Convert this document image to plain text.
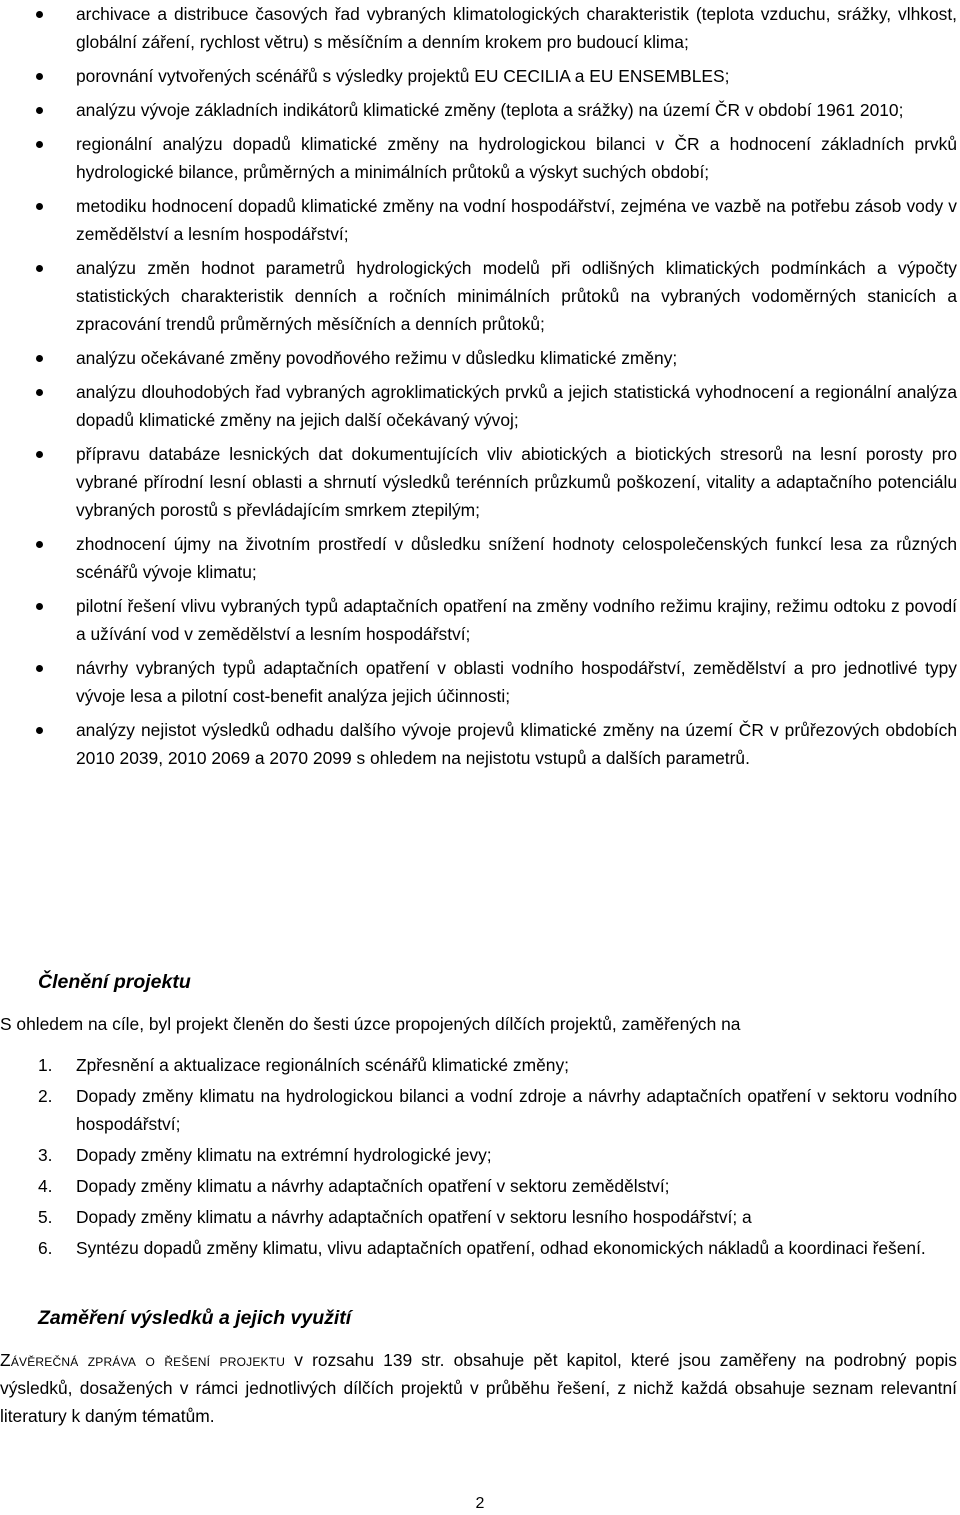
archivace a distribuce časových řad vybraných klimatologických charakteristik (teplota vzduchu, srážky, vlhkost, globální záření, rychlost větru) s měsíčním a denním krokem pro budoucí klima;
porovnání vytvořených scénářů s výsledky projektů EU CECILIA a EU ENSEMBLES;
analýzu vývoje základních indikátorů klimatické změny (teplota a srážky) na území ČR v období 1961 2010;
regionální analýzu dopadů klimatické změny na hydrologickou bilanci v ČR a hodnocení základních prvků hydrologické bilance, průměrných a minimálních průtoků a výskyt suchých období;
metodiku hodnocení dopadů klimatické změny na vodní hospodářství, zejména ve vazbě na potřebu zásob vody v zemědělství a lesním hospodářství;
analýzu změn hodnot parametrů hydrologických modelů při odlišných klimatických podmínkách a výpočty statistických charakteristik denních a ročních minimálních průtoků na vybraných vodoměrných stanicích a zpracování trendů průměrných měsíčních a denních průtoků;
analýzu očekávané změny povodňového režimu v důsledku klimatické změny;
analýzu dlouhodobých řad vybraných agroklimatických prvků a jejich statistická vyhodnocení a regionální analýza dopadů klimatické změny na jejich další očekávaný vývoj;
přípravu databáze lesnických dat dokumentujících vliv abiotických a biotických stresorů na lesní porosty pro vybrané přírodní lesní oblasti a shrnutí výsledků terénních průzkumů poškození, vitality a adaptačního potenciálu vybraných porostů s převládajícím smrkem ztepilým;
zhodnocení újmy na životním prostředí v důsledku snížení hodnoty celospolečenských funkcí lesa za různých scénářů vývoje klimatu;
pilotní řešení vlivu vybraných typů adaptačních opatření na změny vodního režimu krajiny, režimu odtoku z povodí a užívání vod v zemědělství a lesním hospodářství;
návrhy vybraných typů adaptačních opatření v oblasti vodního hospodářství, zemědělství a pro jednotlivé typy vývoje lesa a pilotní cost-benefit analýza jejich účinnosti;
analýzy nejistot výsledků odhadu dalšího vývoje projevů klimatické změny na území ČR v průřezových obdobích 2010 2039, 2010 2069 a 2070 2099 s ohledem na nejistotu vstupů a dalších parametrů.
Členění projektu
S ohledem na cíle, byl projekt členěn do šesti úzce propojených dílčích projektů, zaměřených na
1. Zpřesnění a aktualizace regionálních scénářů klimatické změny;
2. Dopady změny klimatu na hydrologickou bilanci a vodní zdroje a návrhy adaptačních opatření v sektoru vodního hospodářství;
3. Dopady změny klimatu na extrémní hydrologické jevy;
4. Dopady změny klimatu a návrhy adaptačních opatření v sektoru zemědělství;
5. Dopady změny klimatu a návrhy adaptačních opatření v sektoru lesního hospodářství; a
6. Syntézu dopadů změny klimatu, vlivu adaptačních opatření, odhad ekonomických nákladů a koordinaci řešení.
Zaměření výsledků a jejich využití
Závěrečná zpráva o řešení projektu v rozsahu 139 str. obsahuje pět kapitol, které jsou zaměřeny na podrobný popis výsledků, dosažených v rámci jednotlivých dílčích projektů v průběhu řešení, z nichž každá obsahuje seznam relevantní literatury k daným tématům.
2
